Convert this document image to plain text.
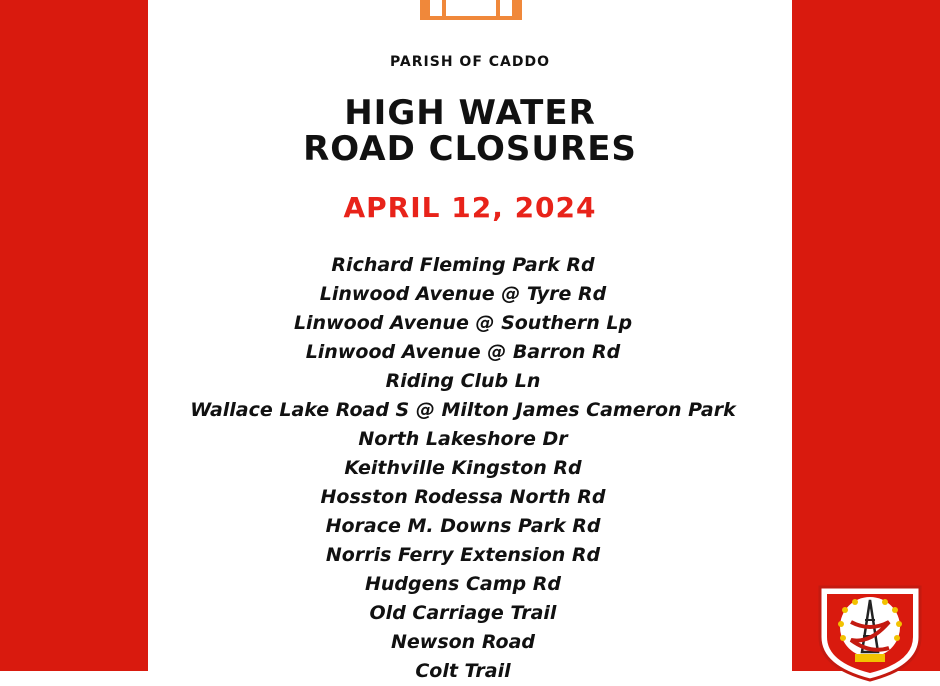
PARISH OF CADDO
HIGH WATER
ROAD CLOSURES
APRIL 12, 2024
Richard Fleming Park Rd
Linwood Avenue @ Tyre Rd
Linwood Avenue @ Southern Lp
Linwood Avenue @ Barron Rd
Riding Club Ln
Wallace Lake Road S @ Milton James Cameron Park
North Lakeshore Dr
Keithville Kingston Rd
Hosston Rodessa North Rd
Horace M. Downs Park Rd
Norris Ferry Extension Rd
Hudgens Camp Rd
Old Carriage Trail
Newson Road
Colt Trail
